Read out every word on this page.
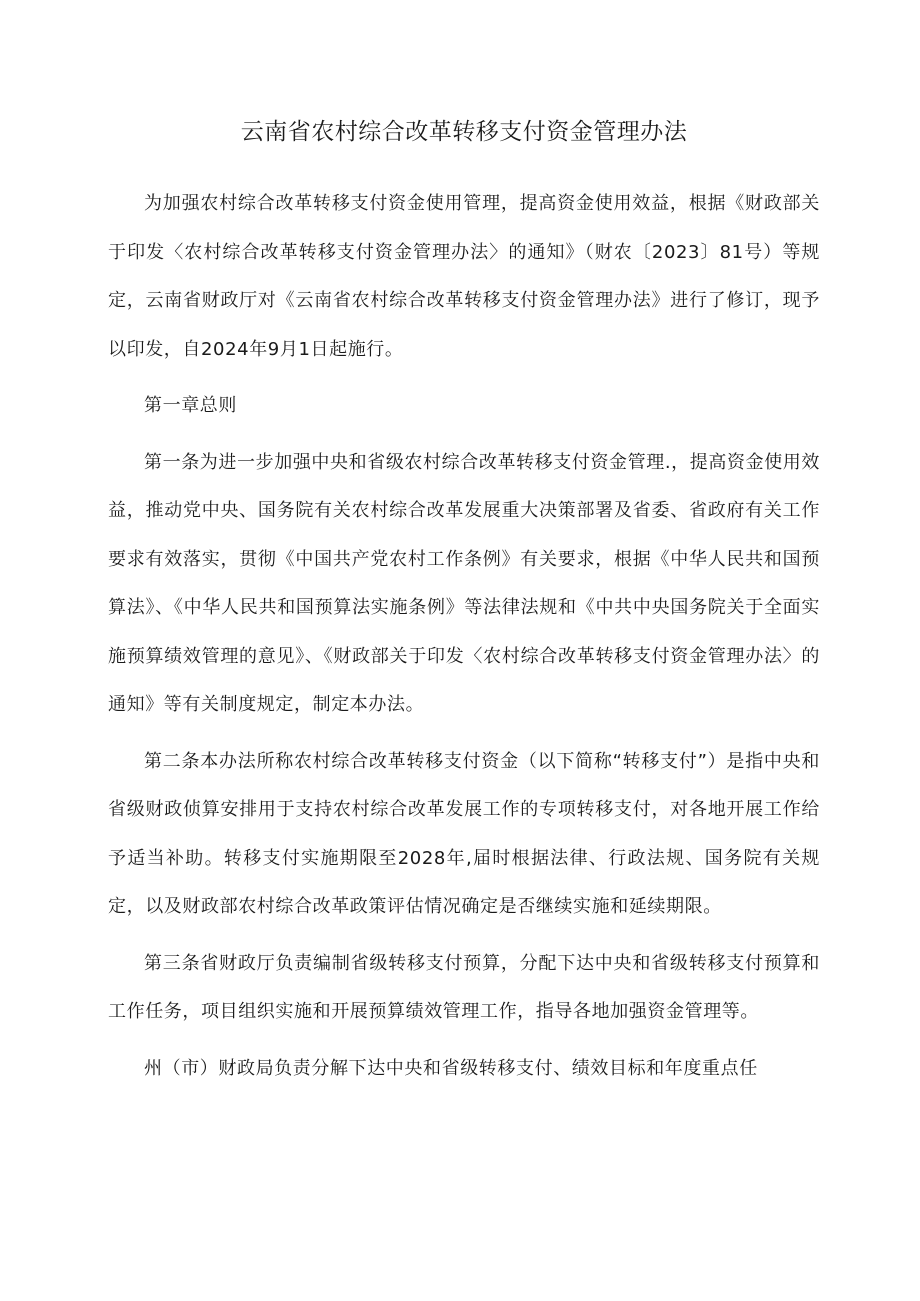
云南省农村综合改革转移支付资金管理办法

为加强农村综合改革转移支付资金使用管理，提高资金使用效益，根据《财政部关于印发〈农村综合改革转移支付资金管理办法〉的通知》（财农〔2023〕81号）等规定，云南省财政厅对《云南省农村综合改革转移支付资金管理办法》进行了修订，现予以印发，自2024年9月1日起施行。

第一章总则

第一条为进一步加强中央和省级农村综合改革转移支付资金管理.，提高资金使用效益，推动党中央、国务院有关农村综合改革发展重大决策部署及省委、省政府有关工作要求有效落实，贯彻《中国共产党农村工作条例》有关要求，根据《中华人民共和国预算法》、《中华人民共和国预算法实施条例》等法律法规和《中共中央国务院关于全面实施预算绩效管理的意见》、《财政部关于印发〈农村综合改革转移支付资金管理办法〉的通知》等有关制度规定，制定本办法。

第二条本办法所称农村综合改革转移支付资金（以下简称“转移支付”）是指中央和省级财政侦算安排用于支持农村综合改革发展工作的专项转移支付，对各地开展工作给予适当补助。转移支付实施期限至2028年,届时根据法律、行政法规、国务院有关规定，以及财政部农村综合改革政策评估情况确定是否继续实施和延续期限。

第三条省财政厅负责编制省级转移支付预算，分配下达中央和省级转移支付预算和工作任务，项目组织实施和开展预算绩效管理工作，指导各地加强资金管理等。

州（市）财政局负责分解下达中央和省级转移支付、绩效目标和年度重点任
